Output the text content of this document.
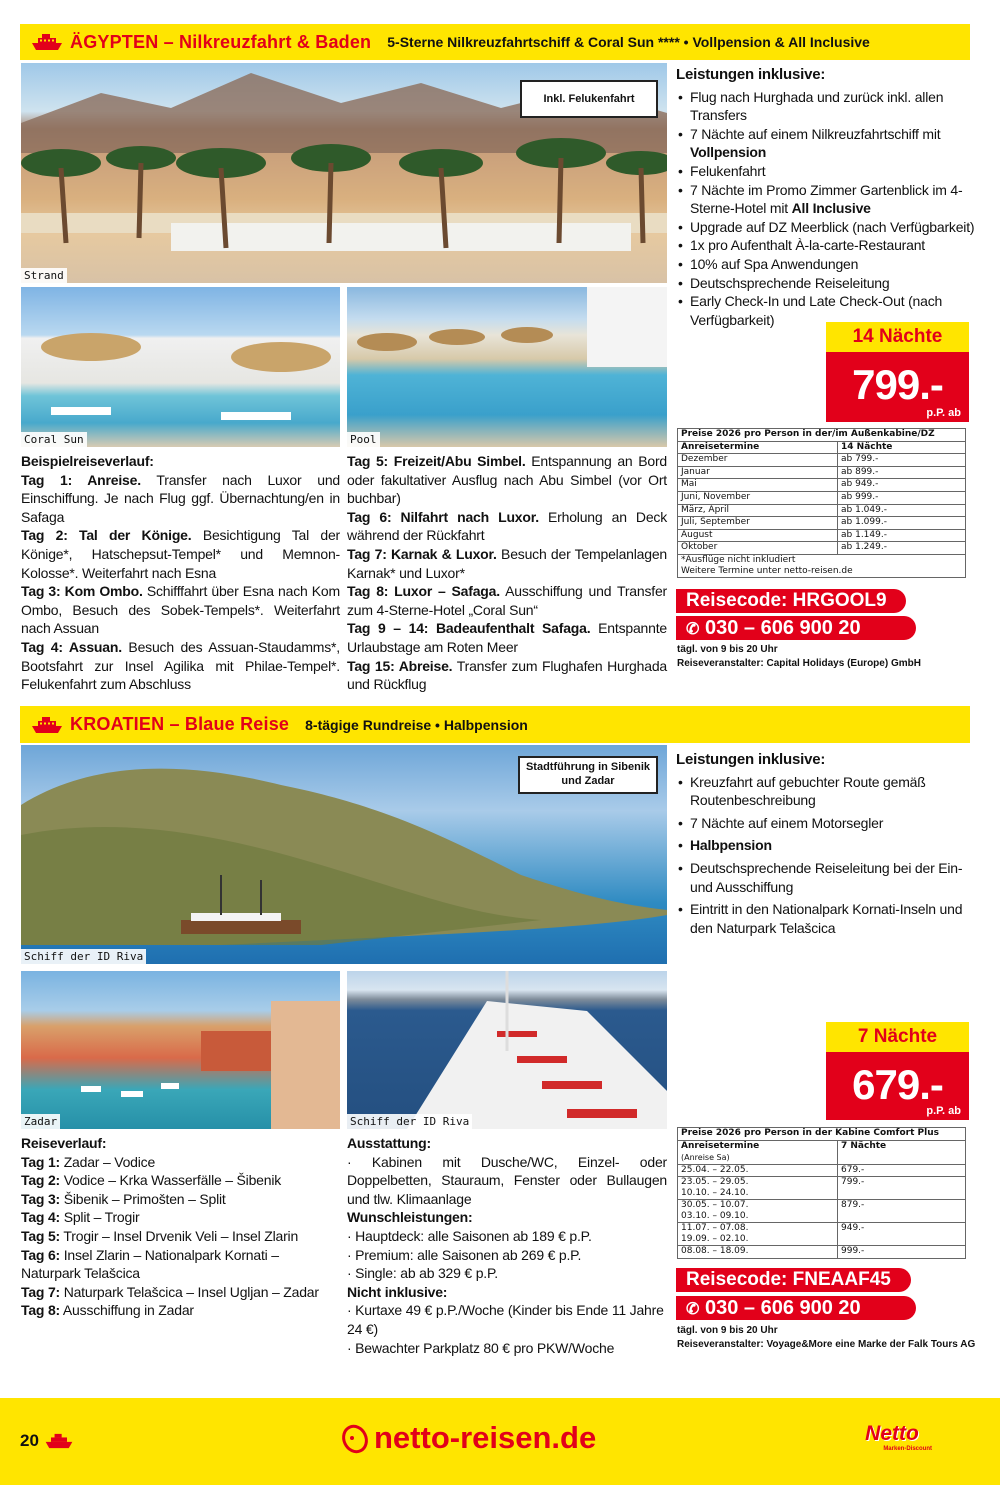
ÄGYPTEN – Nilkreuzfahrt & Baden 5-Sterne Nilkreuzfahrtschiff & Coral Sun **** • Vollpension & All Inclusive
Strand
Inkl. Felukenfahrt
Coral Sun	Pool
Leistungen inklusive:
• Flug nach Hurghada und zurück inkl. allen Transfers
• 7 Nächte auf einem Nilkreuzfahrtschiff mit Vollpension
• Felukenfahrt
• 7 Nächte im Promo Zimmer Gartenblick im 4-Sterne-Hotel mit All Inclusive
• Upgrade auf DZ Meerblick (nach Verfügbarkeit)
• 1x pro Aufenthalt À-la-carte-Restaurant
• 10% auf Spa Anwendungen
• Deutschsprechende Reiseleitung
• Early Check-In und Late Check-Out (nach Verfügbarkeit)
14 Nächte
799.-
p.P. ab
Preise 2026 pro Person in der/im Außenkabine/DZ	
Anreisetermine	14 Nächte
Dezember	ab 799.-
Januar	ab 899.-
Mai	ab 949.-
Juni, November	ab 999.-
März, April	ab 1.049.-
Juli, September	ab 1.099.-
August	ab 1.149.-
Oktober	ab 1.249.-

*Ausflüge nicht inkludiert
Weitere Termine unter netto-reisen.de	
Reisecode: HRGOOL9
✆ 030 – 606 900 20
tägl. von 9 bis 20 Uhr
Reiseveranstalter: Capital Holidays (Europe) GmbH
Beispielreiseverlauf:
Tag 1: Anreise. Transfer nach Luxor und Einschiffung. Je nach Flug ggf. Übernachtung/en in Safaga
Tag 2: Tal der Könige. Besichtigung Tal der Könige*, Hatschepsut-Tempel* und Memnon-Kolosse*. Weiterfahrt nach Esna
Tag 3: Kom Ombo. Schifffahrt über Esna nach Kom Ombo, Besuch des Sobek-Tempels*. Weiterfahrt nach Assuan
Tag 4: Assuan. Besuch des Assuan-Staudamms*, Bootsfahrt zur Insel Agilika mit Philae-Tempel*. Felukenfahrt zum Abschluss
Tag 5: Freizeit/Abu Simbel. Entspannung an Bord oder fakultativer Ausflug nach Abu Simbel (vor Ort buchbar)
Tag 6: Nilfahrt nach Luxor. Erholung an Deck während der Rückfahrt
Tag 7: Karnak & Luxor. Besuch der Tempelanlagen Karnak* und Luxor*
Tag 8: Luxor – Safaga. Ausschiffung und Transfer zum 4-Sterne-Hotel „Coral Sun“
Tag 9 – 14: Badeaufenthalt Safaga. Entspannte Urlaubstage am Roten Meer
Tag 15: Abreise. Transfer zum Flughafen Hurghada und Rückflug
KROATIEN – Blaue Reise 8-tägige Rundreise • Halbpension
Schiff der ID Riva
Stadtführung in Sibenik und Zadar
Zadar	Schiff der ID Riva
Leistungen inklusive:
• Kreuzfahrt auf gebuchter Route gemäß Routenbeschreibung
• 7 Nächte auf einem Motorsegler
• Halbpension
• Deutschsprechende Reiseleitung bei der Ein- und Ausschiffung
• Eintritt in den Nationalpark Kornati-Inseln und den Naturpark Telašcica
7 Nächte
679.-
p.P. ab
Preise 2026 pro Person in der Kabine Comfort Plus	
Anreisetermine
(Anreise Sa)	7 Nächte
25.04. – 22.05.	679.-
23.05. – 29.05.
10.10. – 24.10.	799.-
30.05. – 10.07.
03.10. – 09.10.	879.-
11.07. – 07.08.
19.09. – 02.10.	949.-
08.08. – 18.09.	999.-
Reisecode: FNEAAF45
✆ 030 – 606 900 20
tägl. von 9 bis 20 Uhr
Reiseveranstalter: Voyage&More eine Marke der Falk Tours AG
Reiseverlauf:
Tag 1: Zadar – Vodice
Tag 2: Vodice – Krka Wasserfälle – Šibenik
Tag 3: Šibenik – Primošten – Split
Tag 4: Split – Trogir
Tag 5: Trogir – Insel Drvenik Veli – Insel Zlarin
Tag 6: Insel Zlarin – Nationalpark Kornati – Naturpark Telašcica
Tag 7: Naturpark Telašcica – Insel Ugljan – Zadar
Tag 8: Ausschiffung in Zadar
Ausstattung:
· Kabinen mit Dusche/WC, Einzel- oder Doppelbetten, Stauraum, Fenster oder Bullaugen und tlw. Klimaanlage
Wunschleistungen:
· Hauptdeck: alle Saisonen ab 189 € p.P.
· Premium: alle Saisonen ab 269 € p.P.
· Single: ab ab 329 € p.P.
Nicht inklusive:
· Kurtaxe 49 € p.P./Woche (Kinder bis Ende 11 Jahre 24 €)
· Bewachter Parkplatz 80 € pro PKW/Woche
20	netto-reisen.de	Netto
Marken-Discount
